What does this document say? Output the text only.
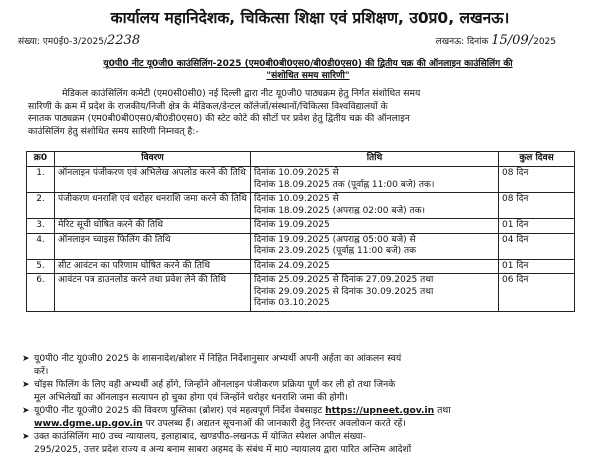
कार्यालय महानिदेशक, चिकित्सा शिक्षा एवं प्रशिक्षण, उ0प्र0, लखनऊ।
संख्या: एम0ई0-3/2025/2238	लखनऊ: दिनांक 15/09/2025
यू0पी0 नीट यू0जी0 काउंसिलिंग-2025 (एम0बी0बी0एस0/बी0डी0एस0) की द्वितीय चक्र की ऑनलाइन काउंसिलिंग की
"संशोधित समय सारिणी"
मेडिकल काउंसिलिंग कमेटी (एम0सी0सी0) नई दिल्ली द्वारा नीट यू0जी0 पाठ्यक्रम हेतु निर्गत संशोधित समय
सारिणी के क्रम में प्रदेश के राजकीय/निजी क्षेत्र के मेडिकल/डेन्टल कॉलेजों/संस्थानों/चिकित्सा विश्वविद्यालयों के
स्नातक पाठ्यक्रम (एम0बी0बी0एस0/बी0डी0एस0) की स्टेट कोटे की सीटों पर प्रवेश हेतु द्वितीय चक्र की ऑनलाइन
काउंसिलिंग हेतु संशोधित समय सारिणी निम्नवत् है:-
क्र0	विवरण	तिथि	कुल दिवस
1.	ऑनलाइन पंजीकरण एवं अभिलेख अपलोड करने की तिथि	दिनांक 10.09.2025 से
दिनांक 18.09.2025 तक (पूर्वाह्न 11:00 बजे) तक।	08 दिन
2.	पंजीकरण धनराशि एवं धरोहर धनराशि जमा करने की तिथि	दिनांक 10.09.2025 से
दिनांक 18.09.2025 (अपराह्न 02:00 बजे) तक।	08 दिन
3.	मेरिट सूची घोषित करने की तिथि	दिनांक 19.09.2025	01 दिन
4.	ऑनलाइन च्वाइस फिलिंग की तिथि	दिनांक 19.09.2025 (अपराह्न 05:00 बजे) से
दिनांक 23.09.2025 (पूर्वाह्न 11:00 बजे) तक	04 दिन
5.	सीट आवंटन का परिणाम घोषित करने की तिथि	दिनांक 24.09.2025	01 दिन
6.	आवंटन पत्र डाउनलोड करने तथा प्रवेश लेने की तिथि	दिनांक 25.09.2025 से दिनांक 27.09.2025 तथा
दिनांक 29.09.2025 से दिनांक 30.09.2025 तथा
दिनांक 03.10.2025	06 दिन
➤ यू0पी0 नीट यू0जी0 2025 के शासनादेश/ब्रोशर में निहित निर्देशानुसार अभ्यर्थी अपनी अर्हता का आंकलन स्वयं
करें।
➤ चॉइस फिलिंग के लिए वही अभ्यर्थी अर्ह होंगे, जिन्होंने ऑनलाइन पंजीकरण प्रक्रिया पूर्ण कर ली हो तथा जिनके
मूल अभिलेखों का ऑनलाइन सत्यापन हो चुका होगा एवं जिन्होंने धरोहर धनराशि जमा की होगी।
➤ यू0पी0 नीट यू0जी0 2025 की विवरण पुस्तिका (ब्रोशर) एवं महत्वपूर्ण निर्देश वेबसाइट https://upneet.gov.in तथा
www.dgme.up.gov.in पर उपलब्ध हैं। अद्यतन सूचनाओं की जानकारी हेतु निरन्तर अवलोकन करते रहें।
➤ उक्त काउंसिलिंग मा0 उच्च न्यायालय, इलाहाबाद, खण्डपीठ-लखनऊ में योजित स्पेशल अपील संख्या-
295/2025, उत्तर प्रदेश राज्य व अन्य बनाम साबरा अहमद के संबंध में मा0 न्यायालय द्वारा पारित अन्तिम आदेशों
